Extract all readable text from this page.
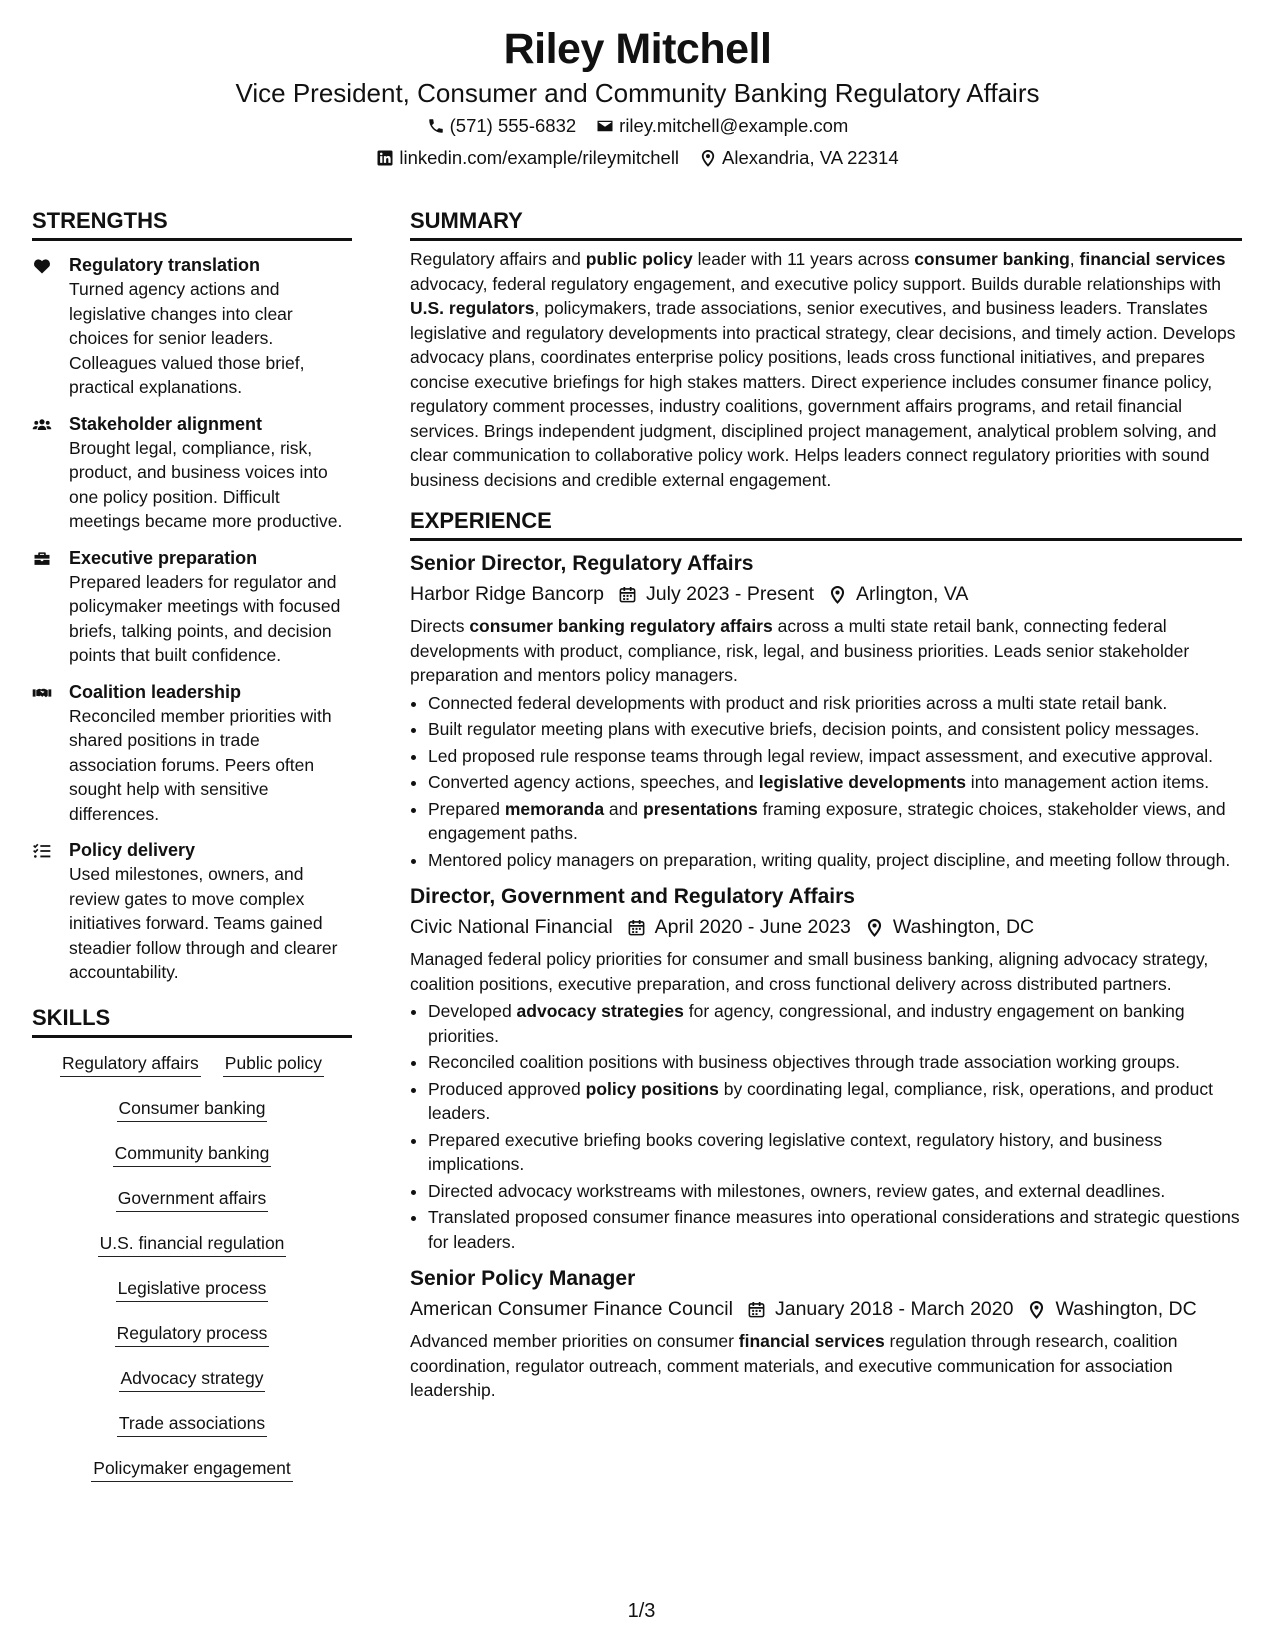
Riley Mitchell
Vice President, Consumer and Community Banking Regulatory Affairs
(571) 555-6832 riley.mitchell@example.com
linkedin.com/example/rileymitchell Alexandria, VA 22314
STRENGTHS
Regulatory translation
Turned agency actions and legislative changes into clear choices for senior leaders. Colleagues valued those brief, practical explanations.
Stakeholder alignment
Brought legal, compliance, risk, product, and business voices into one policy position. Difficult meetings became more productive.
Executive preparation
Prepared leaders for regulator and policymaker meetings with focused briefs, talking points, and decision points that built confidence.
Coalition leadership
Reconciled member priorities with shared positions in trade association forums. Peers often sought help with sensitive differences.
Policy delivery
Used milestones, owners, and review gates to move complex initiatives forward. Teams gained steadier follow through and clearer accountability.
SKILLS
Regulatory affairs Public policy
Consumer banking
Community banking
Government affairs
U.S. financial regulation
Legislative process
Regulatory process
Advocacy strategy
Trade associations
Policymaker engagement
SUMMARY
Regulatory affairs and public policy leader with 11 years across consumer banking, financial services advocacy, federal regulatory engagement, and executive policy support. Builds durable relationships with U.S. regulators, policymakers, trade associations, senior executives, and business leaders. Translates legislative and regulatory developments into practical strategy, clear decisions, and timely action. Develops advocacy plans, coordinates enterprise policy positions, leads cross functional initiatives, and prepares concise executive briefings for high stakes matters. Direct experience includes consumer finance policy, regulatory comment processes, industry coalitions, government affairs programs, and retail financial services. Brings independent judgment, disciplined project management, analytical problem solving, and clear communication to collaborative policy work. Helps leaders connect regulatory priorities with sound business decisions and credible external engagement.
EXPERIENCE
Senior Director, Regulatory Affairs
Harbor Ridge Bancorp July 2023 - Present Arlington, VA
Directs consumer banking regulatory affairs across a multi state retail bank, connecting federal developments with product, compliance, risk, legal, and business priorities. Leads senior stakeholder preparation and mentors policy managers.
• Connected federal developments with product and risk priorities across a multi state retail bank.
• Built regulator meeting plans with executive briefs, decision points, and consistent policy messages.
• Led proposed rule response teams through legal review, impact assessment, and executive approval.
• Converted agency actions, speeches, and legislative developments into management action items.
• Prepared memoranda and presentations framing exposure, strategic choices, stakeholder views, and engagement paths.
• Mentored policy managers on preparation, writing quality, project discipline, and meeting follow through.
Director, Government and Regulatory Affairs
Civic National Financial April 2020 - June 2023 Washington, DC
Managed federal policy priorities for consumer and small business banking, aligning advocacy strategy, coalition positions, executive preparation, and cross functional delivery across distributed partners.
• Developed advocacy strategies for agency, congressional, and industry engagement on banking priorities.
• Reconciled coalition positions with business objectives through trade association working groups.
• Produced approved policy positions by coordinating legal, compliance, risk, operations, and product leaders.
• Prepared executive briefing books covering legislative context, regulatory history, and business implications.
• Directed advocacy workstreams with milestones, owners, review gates, and external deadlines.
• Translated proposed consumer finance measures into operational considerations and strategic questions for leaders.
Senior Policy Manager
American Consumer Finance Council January 2018 - March 2020 Washington, DC
Advanced member priorities on consumer financial services regulation through research, coalition coordination, regulator outreach, comment materials, and executive communication for association leadership.
1/3
